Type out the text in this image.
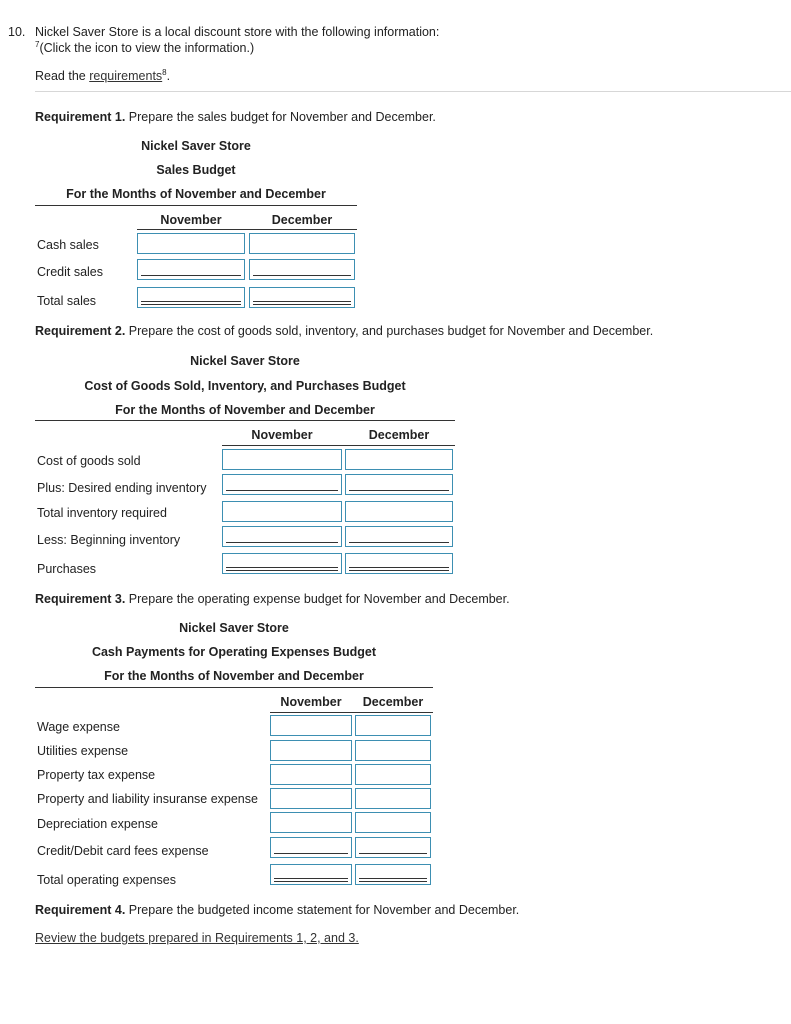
10. Nickel Saver Store is a local discount store with the following information:
$^7$(Click the icon to view the information.)
Read the requirements$^8$.
Requirement 1. Prepare the sales budget for November and December.
Nickel Saver Store
Sales Budget
For the Months of November and December
November	December
Cash sales
Credit sales
Total sales
Requirement 2. Prepare the cost of goods sold, inventory, and purchases budget for November and December.
Nickel Saver Store
Cost of Goods Sold, Inventory, and Purchases Budget
For the Months of November and December
November	December
Cost of goods sold
Plus: Desired ending inventory
Total inventory required
Less: Beginning inventory
Purchases
Requirement 3. Prepare the operating expense budget for November and December.
Nickel Saver Store
Cash Payments for Operating Expenses Budget
For the Months of November and December
November	December
Wage expense
Utilities expense
Property tax expense
Property and liability insuranse expense
Depreciation expense
Credit/Debit card fees expense
Total operating expenses
Requirement 4. Prepare the budgeted income statement for November and December.
Review the budgets prepared in Requirements 1, 2, and 3.
